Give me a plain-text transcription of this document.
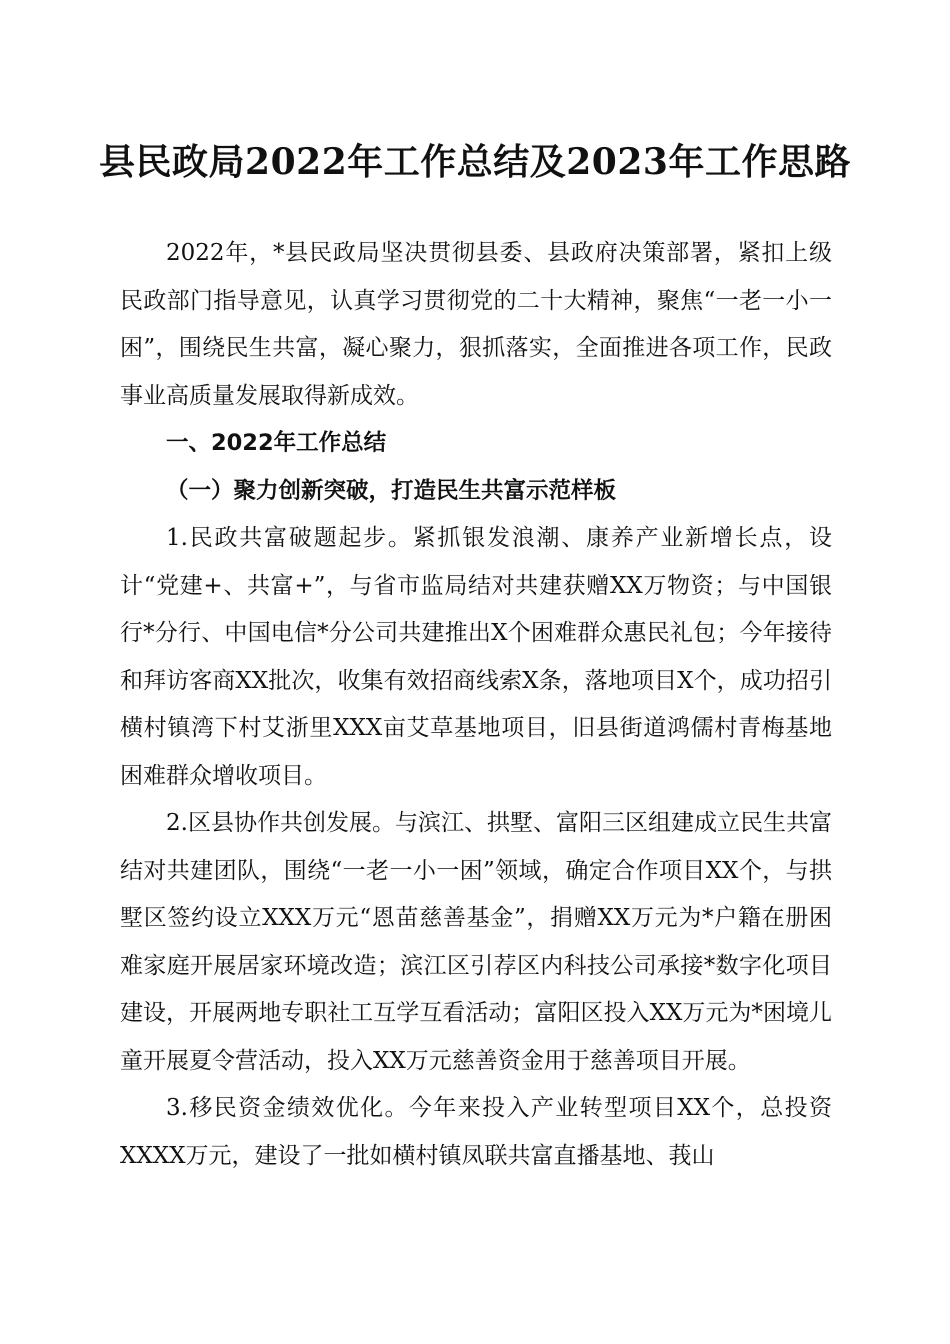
县民政局2022年工作总结及2023年工作思路

2022年，*县民政局坚决贯彻县委、县政府决策部署，紧扣上级民政部门指导意见，认真学习贯彻党的二十大精神，聚焦“一老一小一困”，围绕民生共富，凝心聚力，狠抓落实，全面推进各项工作，民政事业高质量发展取得新成效。

一、2022年工作总结

（一）聚力创新突破，打造民生共富示范样板

1.民政共富破题起步。紧抓银发浪潮、康养产业新增长点，设计“党建+、共富+”，与省市监局结对共建获赠XX万物资；与中国银行*分行、中国电信*分公司共建推出X个困难群众惠民礼包；今年接待和拜访客商XX批次，收集有效招商线索X条，落地项目X个，成功招引横村镇湾下村艾浙里XXX亩艾草基地项目，旧县街道鸿儒村青梅基地困难群众增收项目。

2.区县协作共创发展。与滨江、拱墅、富阳三区组建成立民生共富结对共建团队，围绕“一老一小一困”领域，确定合作项目XX个，与拱墅区签约设立XXX万元“恩苗慈善基金”，捐赠XX万元为*户籍在册困难家庭开展居家环境改造；滨江区引荐区内科技公司承接*数字化项目建设，开展两地专职社工互学互看活动；富阳区投入XX万元为*困境儿童开展夏令营活动，投入XX万元慈善资金用于慈善项目开展。

3.移民资金绩效优化。今年来投入产业转型项目XX个，总投资XXXX万元，建设了一批如横村镇凤联共富直播基地、莪山
